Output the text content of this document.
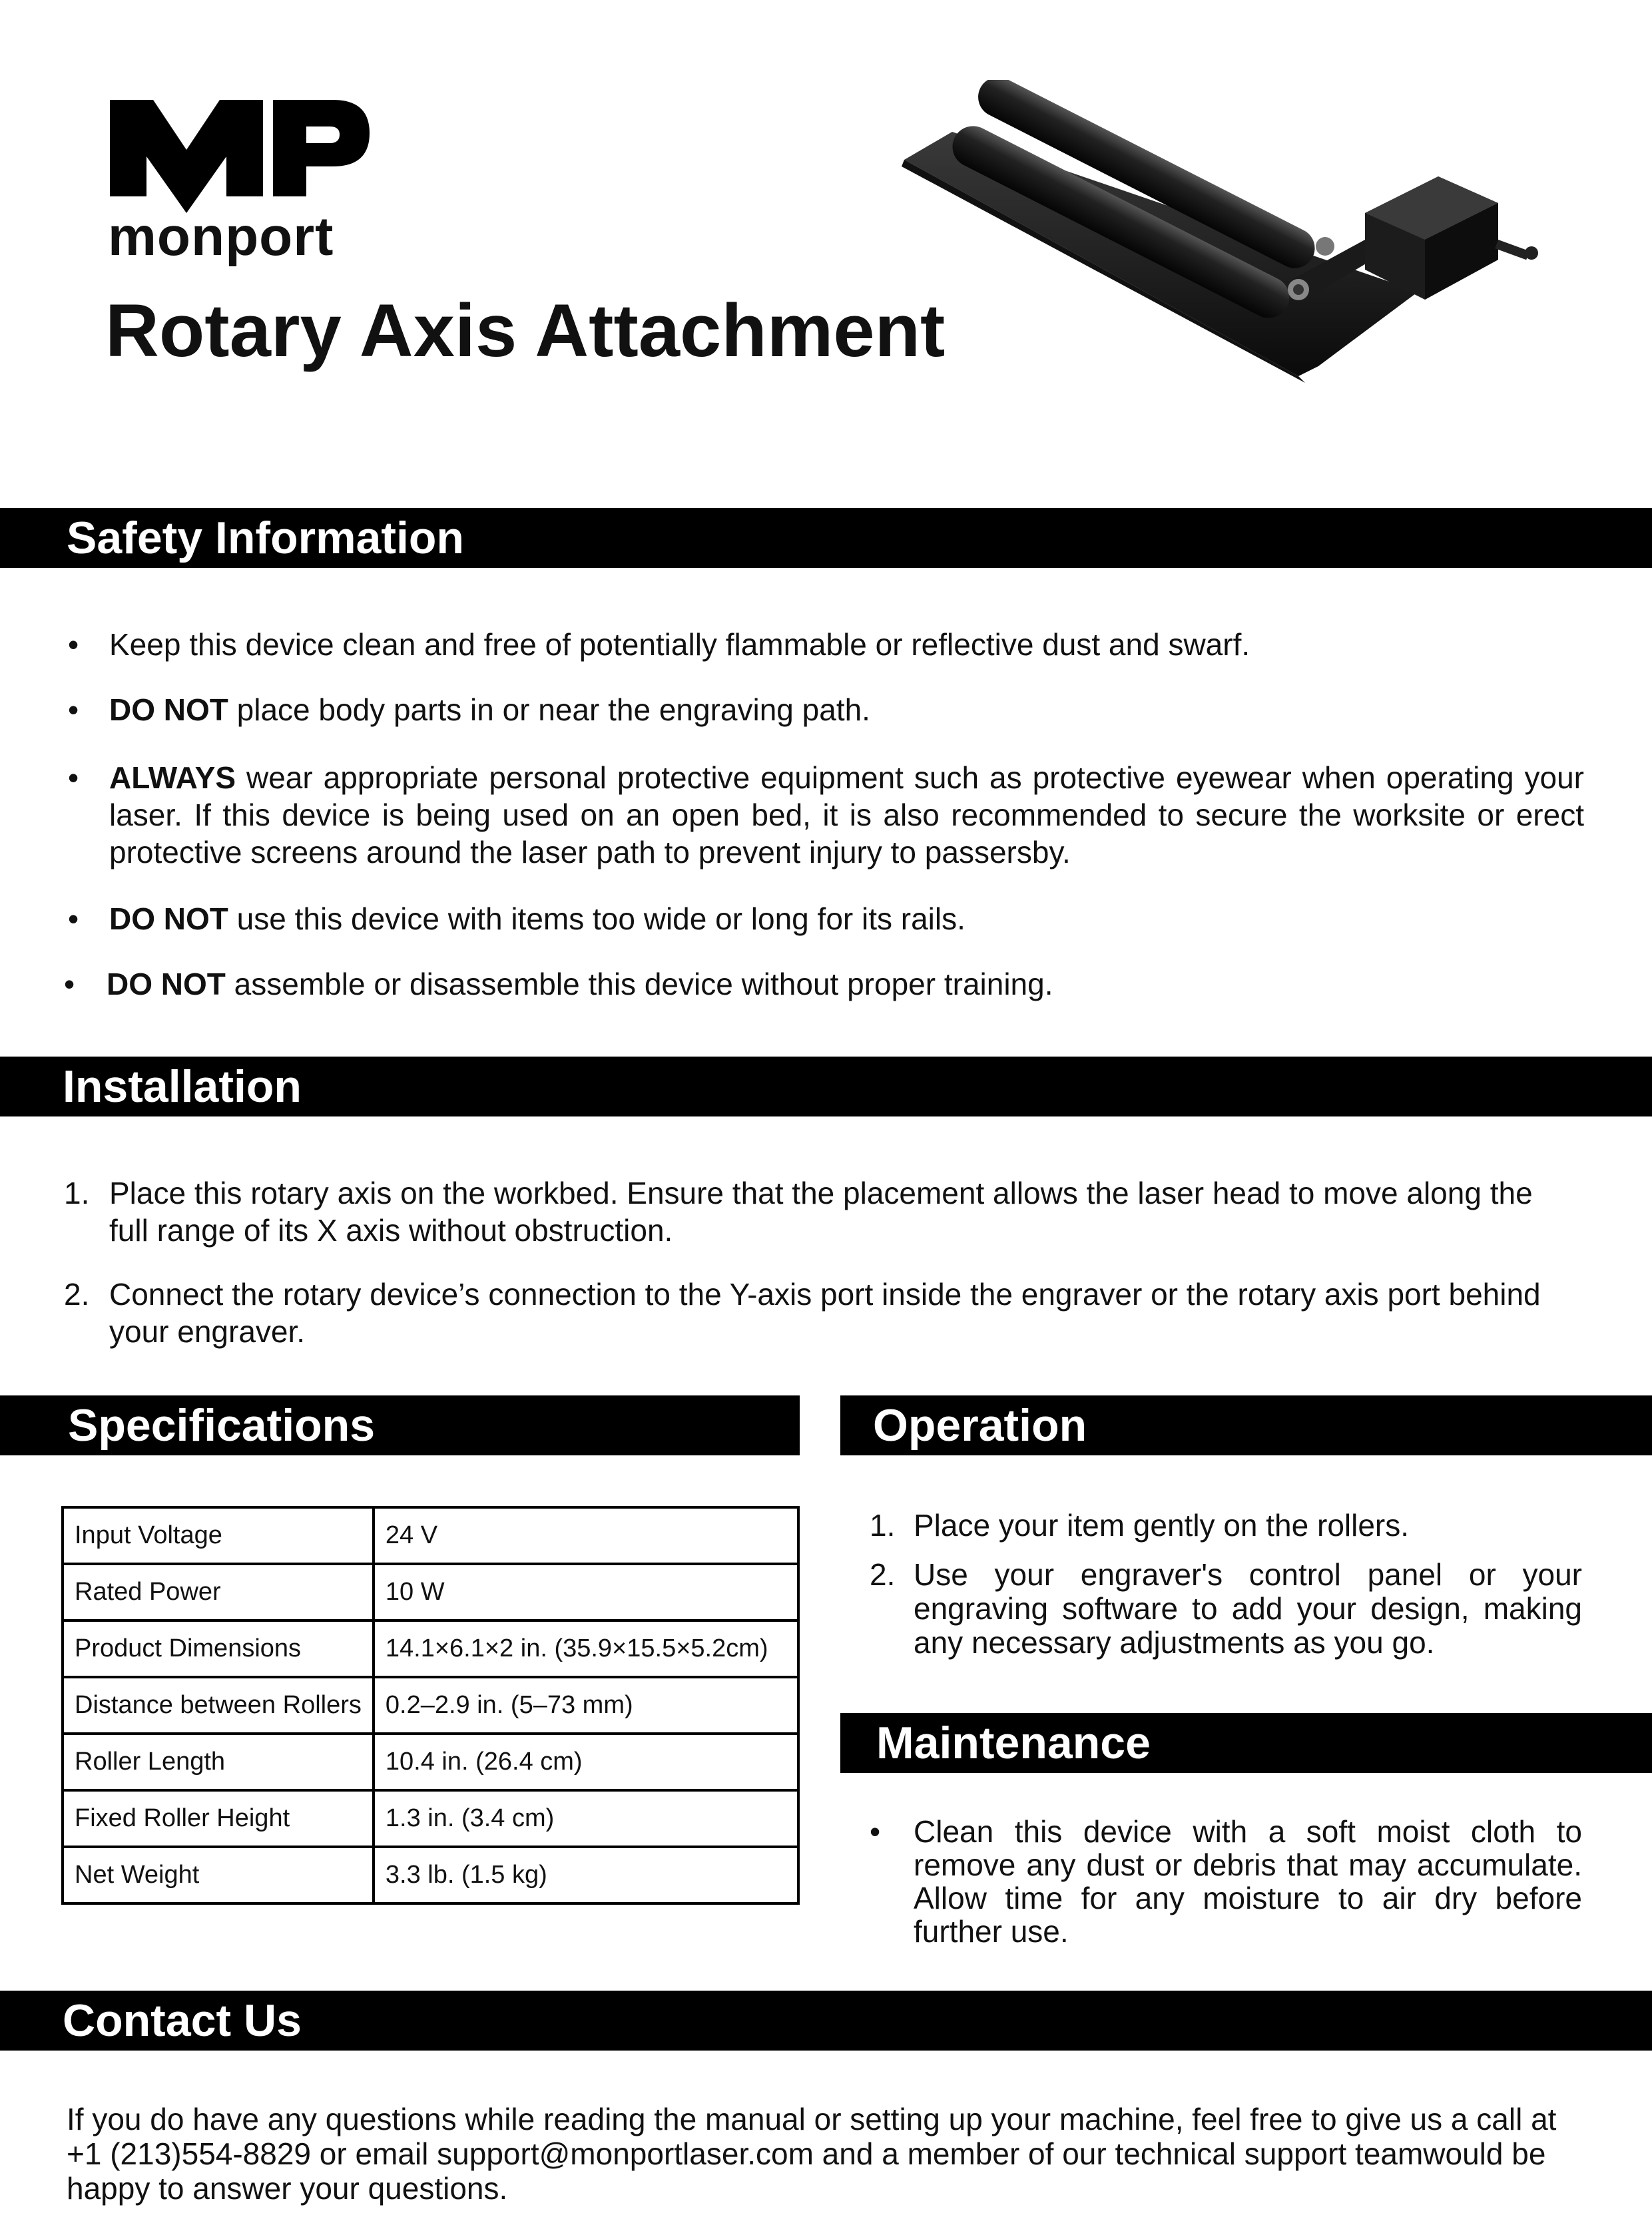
monport
Rotary Axis Attachment
Safety Information
• Keep this device clean and free of potentially flammable or reflective dust and swarf.
• DO NOT place body parts in or near the engraving path.
• ALWAYS wear appropriate personal protective equipment such as protective eyewear when operating your laser. If this device is being used on an open bed, it is also recommended to secure the worksite or erect protective screens around the laser path to prevent injury to passersby.
• DO NOT use this device with items too wide or long for its rails.
• DO NOT assemble or disassemble this device without proper training.
Installation
1. Place this rotary axis on the workbed. Ensure that the placement allows the laser head to move along the full range of its X axis without obstruction.
2. Connect the rotary device’s connection to the Y-axis port inside the engraver or the rotary axis port behind your engraver.
Specifications
Input Voltage	24 V
Rated Power	10 W
Product Dimensions	14.1×6.1×2 in. (35.9×15.5×5.2cm)
Distance between Rollers	0.2–2.9 in. (5–73 mm)
Roller Length	10.4 in. (26.4 cm)
Fixed Roller Height	1.3 in. (3.4 cm)
Net Weight	3.3 lb. (1.5 kg)
Operation
1. Place your item gently on the rollers.
2. Use your engraver's control panel or your engraving software to add your design, making any necessary adjustments as you go.
Maintenance
• Clean this device with a soft moist cloth to remove any dust or debris that may accumulate. Allow time for any moisture to air dry before further use.
Contact Us
If you do have any questions while reading the manual or setting up your machine, feel free to give us a call at +1 (213)554-8829 or email support@monportlaser.com and a member of our technical support teamwould be happy to answer your questions.
